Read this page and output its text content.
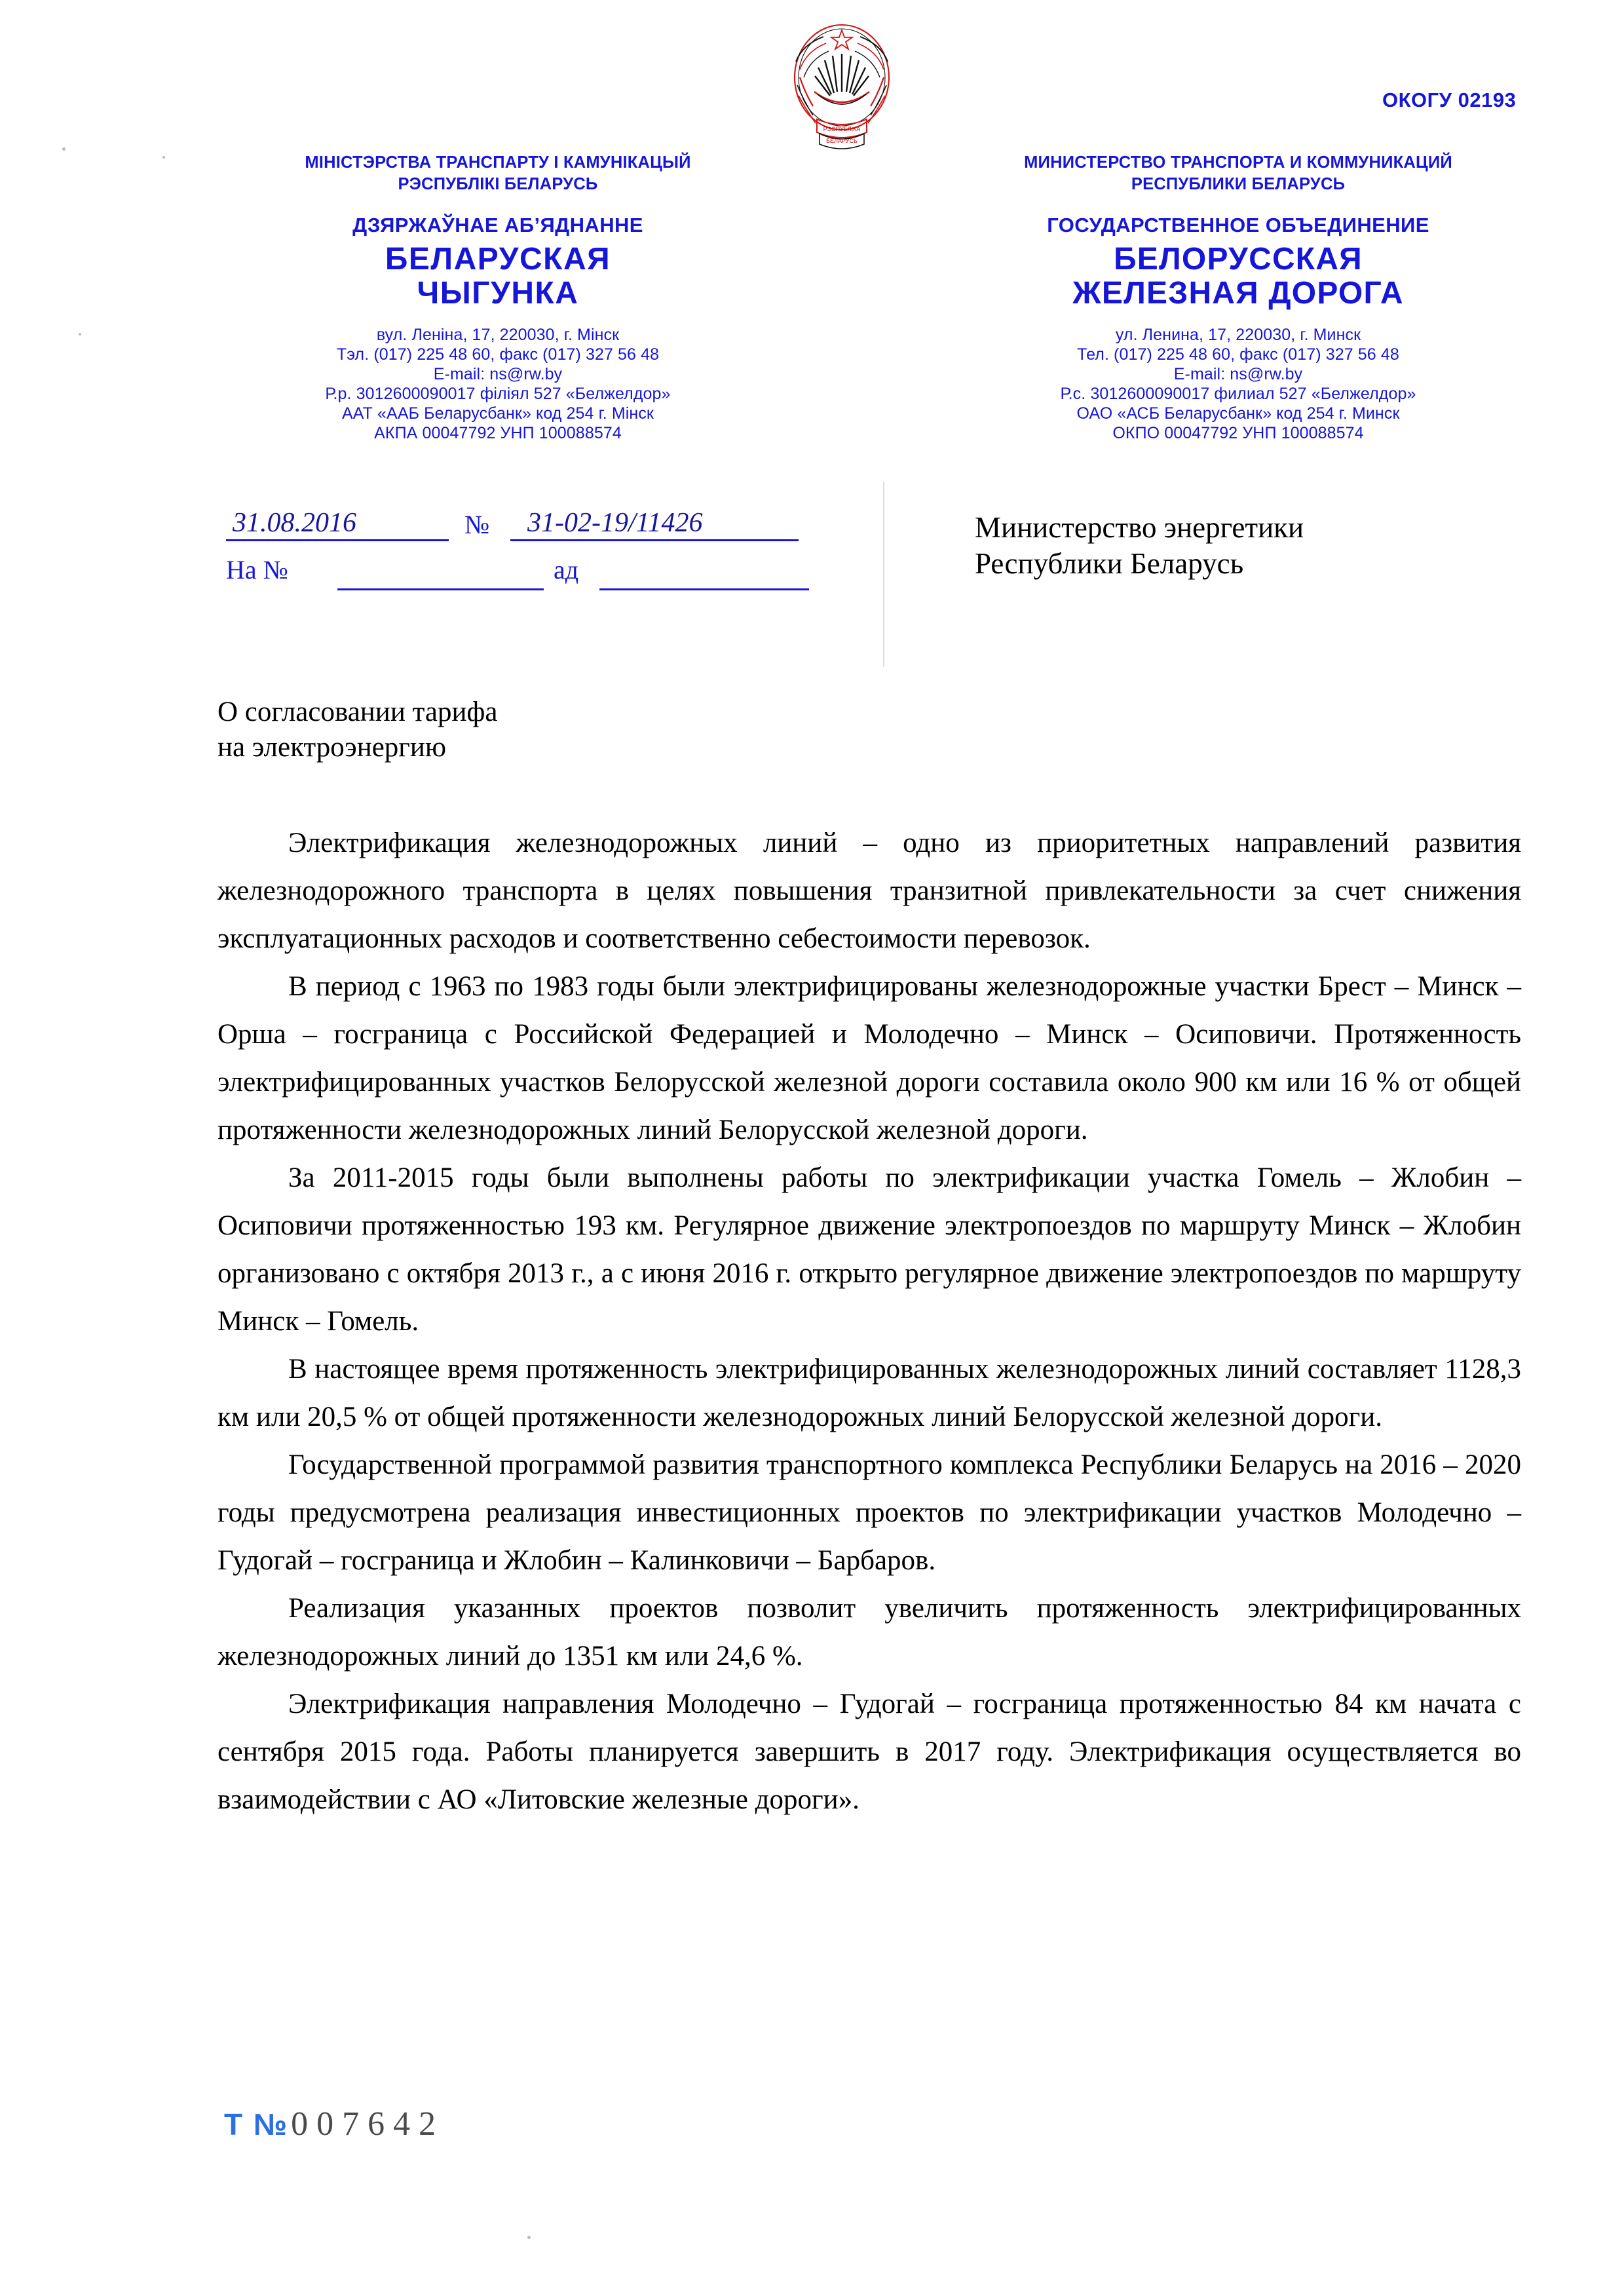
ОКОГУ 02193
РЭСПУБЛІКА
БЕЛАРУСЬ
МІНІСТЭРСТВА ТРАНСПАРТУ І КАМУНІКАЦЫЙ
РЭСПУБЛІКІ БЕЛАРУСЬ
ДЗЯРЖАЎНАЕ АБ’ЯДНАННЕ
БЕЛАРУСКАЯ
ЧЫГУНКА
вул. Леніна, 17, 220030, г. Мінск
Тэл. (017) 225 48 60, факс (017) 327 56 48
E-mail: ns@rw.by
Р.р. 3012600090017 філіял 527 «Белжелдор»
ААТ «ААБ Беларусбанк» код 254 г. Мінск
АКПА 00047792 УНП 100088574
МИНИСТЕРСТВО ТРАНСПОРТА И КОММУНИКАЦИЙ
РЕСПУБЛИКИ БЕЛАРУСЬ
ГОСУДАРСТВЕННОЕ ОБЪЕДИНЕНИЕ
БЕЛОРУССКАЯ
ЖЕЛЕЗНАЯ ДОРОГА
ул. Ленина, 17, 220030, г. Минск
Тел. (017) 225 48 60, факс (017) 327 56 48
E-mail: ns@rw.by
Р.с. 3012600090017 филиал 527 «Белжелдор»
ОАО «АСБ Беларусбанк» код 254 г. Минск
ОКПО 00047792 УНП 100088574
31.08.2016	№ 31-02-19/11426
На №	ад
Министерство энергетики
Республики Беларусь
О согласовании тарифа
на электроэнергию

Электрификация железнодорожных линий – одно из приоритетных направлений развития железнодорожного транспорта в целях повышения транзитной привлекательности за счет снижения эксплуатационных расходов и соответственно себестоимости перевозок.

В период с 1963 по 1983 годы были электрифицированы железнодорожные участки Брест – Минск – Орша – госграница с Российской Федерацией и Молодечно – Минск – Осиповичи. Протяженность электрифицированных участков Белорусской железной дороги составила около 900 км или 16 % от общей протяженности железнодорожных линий Белорусской железной дороги.

За 2011-2015 годы были выполнены работы по электрификации участка Гомель – Жлобин – Осиповичи протяженностью 193 км. Регулярное движение электропоездов по маршруту Минск – Жлобин организовано с октября 2013 г., а с июня 2016 г. открыто регулярное движение электропоездов по маршруту Минск – Гомель.

В настоящее время протяженность электрифицированных железнодорожных линий составляет 1128,3 км или 20,5 % от общей протяженности железнодорожных линий Белорусской железной дороги.

Государственной программой развития транспортного комплекса Республики Беларусь на 2016 – 2020 годы предусмотрена реализация инвестиционных проектов по электрификации участков Молодечно – Гудогай – госграница и Жлобин – Калинковичи – Барбаров.

Реализация указанных проектов позволит увеличить протяженность электрифицированных железнодорожных линий до 1351 км или 24,6 %.

Электрификация направления Молодечно – Гудогай – госграница протяженностью 84 км начата с сентября 2015 года. Работы планируется завершить в 2017 году. Электрификация осуществляется во взаимодействии с АО «Литовские железные дороги».

Т №007642
